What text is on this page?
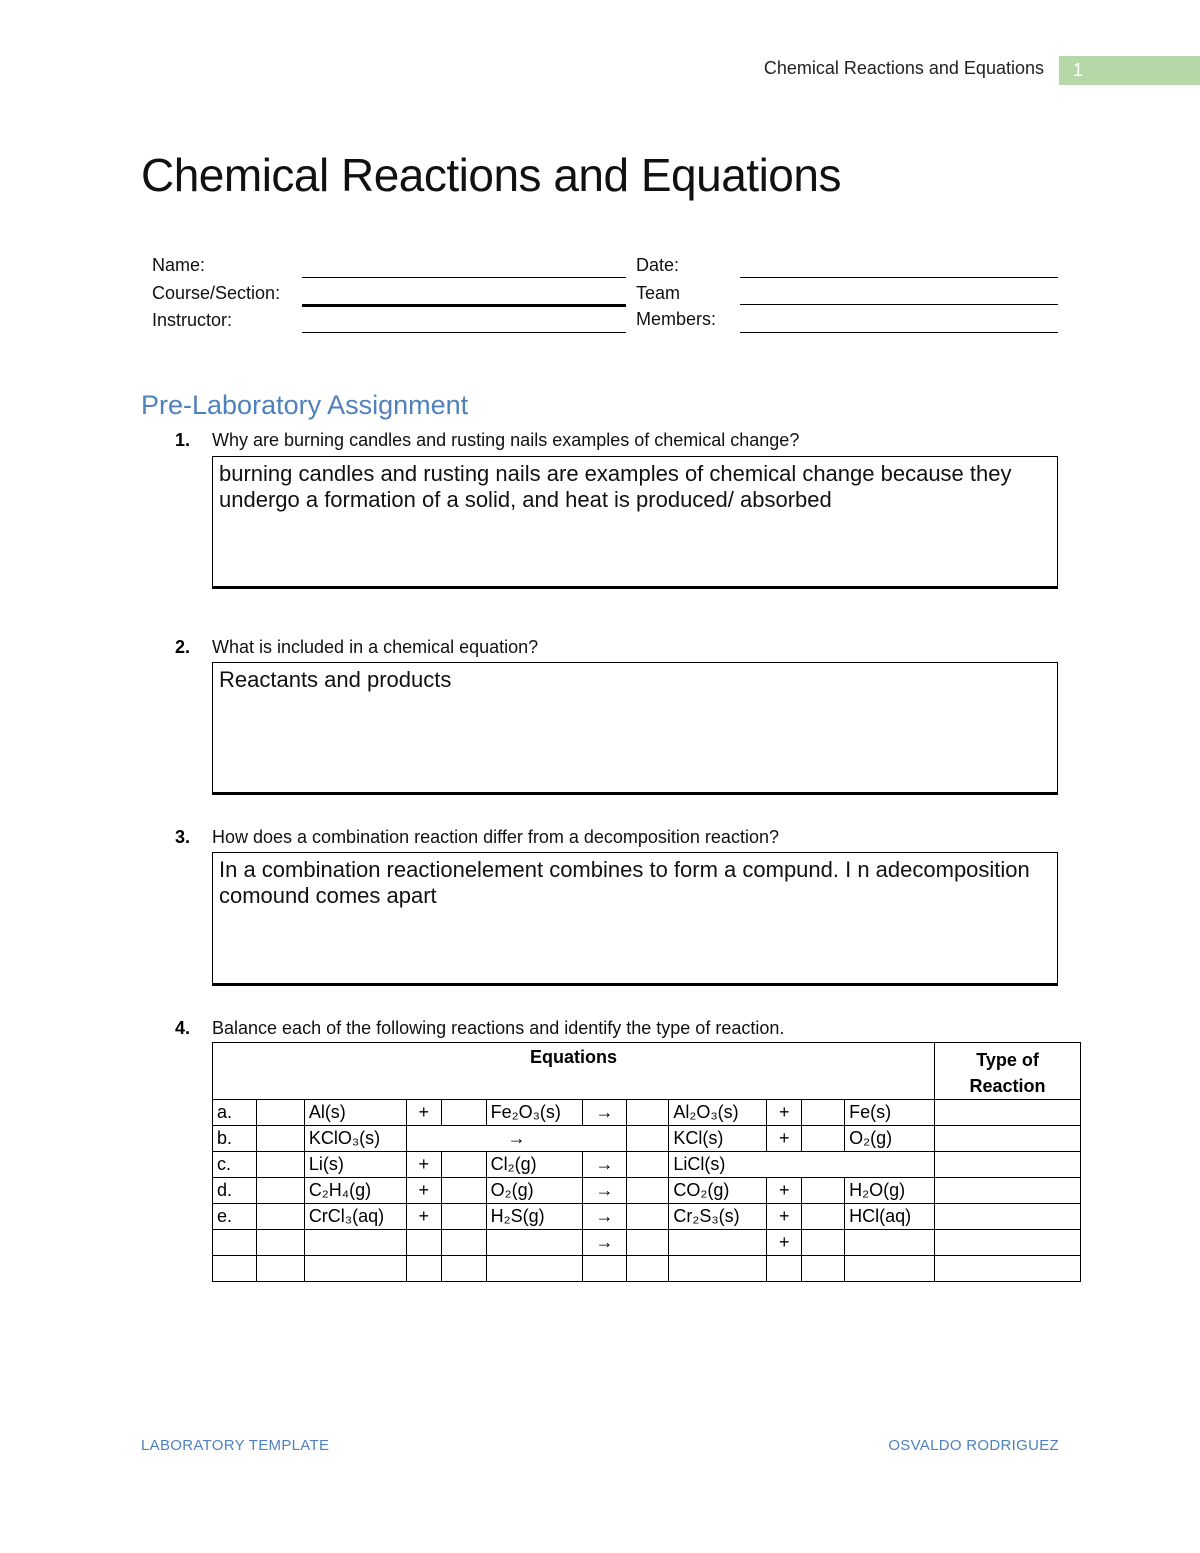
Chemical Reactions and Equations	1
Chemical Reactions and Equations
Name:
Course/Section:
Instructor:
Date:
Team
Members:
Pre-Laboratory Assignment
1. Why are burning candles and rusting nails examples of chemical change?
burning candles and rusting nails are examples of chemical change because they undergo a formation of a solid, and heat is produced/ absorbed
2. What is included in a chemical equation?
Reactants and products
3. How does a combination reaction differ from a decomposition reaction?
In a combination reactionelement combines to form a compund. I n adecomposition comound comes apart
4. Balance each of the following reactions and identify the type of reaction.
Equations												Type of
Reaction
a.		Al(s)	+		Fe₂O₃(s)	→		Al₂O₃(s)	+		Fe(s)	
b.		KClO₃(s)	→					KCl(s)	+		O₂(g)	
c.		Li(s)	+		Cl₂(g)	→		LiCl(s)				
d.		C₂H₄(g)	+		O₂(g)	→		CO₂(g)	+		H₂O(g)	
e.		CrCl₃(aq)	+		H₂S(g)	→		Cr₂S₃(s)	+		HCl(aq)	
						→			+			

LABORATORY TEMPLATE	OSVALDO RODRIGUEZ
